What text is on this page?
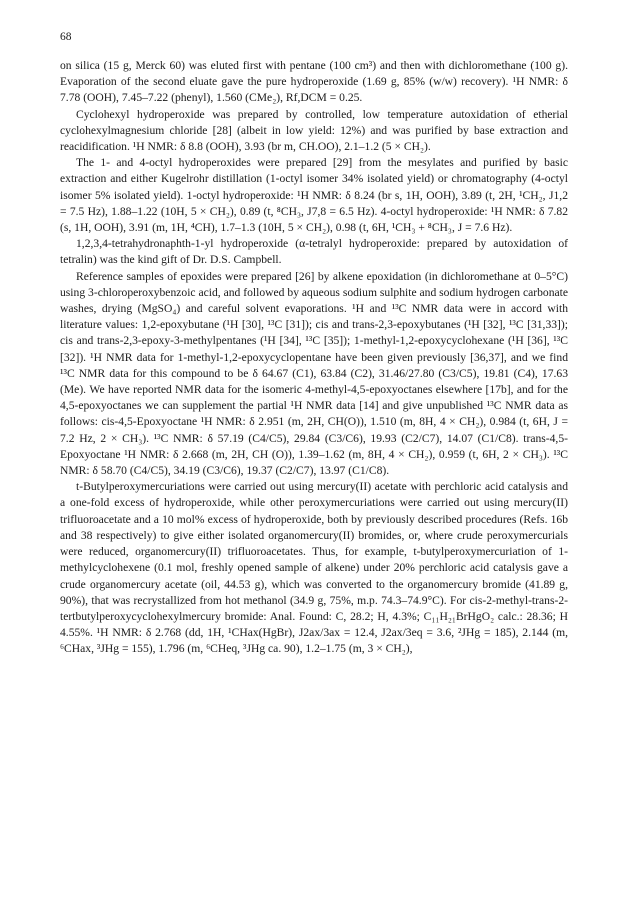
68

on silica (15 g, Merck 60) was eluted first with pentane (100 cm³) and then with dichloromethane (100 g). Evaporation of the second eluate gave the pure hydroperoxide (1.69 g, 85% (w/w) recovery). ¹H NMR: δ 7.78 (OOH), 7.45–7.22 (phenyl), 1.560 (CMe₂), Rf,DCM = 0.25.

Cyclohexyl hydroperoxide was prepared by controlled, low temperature autoxidation of etherial cyclohexylmagnesium chloride [28] (albeit in low yield: 12%) and was purified by base extraction and reacidification. ¹H NMR: δ 8.8 (OOH), 3.93 (br m, CH.OO), 2.1–1.2 (5 × CH₂).

The 1- and 4-octyl hydroperoxides were prepared [29] from the mesylates and purified by basic extraction and either Kugelrohr distillation (1-octyl isomer 34% isolated yield) or chromatography (4-octyl isomer 5% isolated yield). 1-octyl hydroperoxide: ¹H NMR: δ 8.24 (br s, 1H, OOH), 3.89 (t, 2H, ¹CH₂, J1,2 = 7.5 Hz), 1.88–1.22 (10H, 5 × CH₂), 0.89 (t, ⁸CH₃, J7,8 = 6.5 Hz). 4-octyl hydroperoxide: ¹H NMR: δ 7.82 (s, 1H, OOH), 3.91 (m, 1H, ⁴CH), 1.7–1.3 (10H, 5 × CH₂), 0.98 (t, 6H, ¹CH₃ + ⁸CH₃, J = 7.6 Hz).

1,2,3,4-tetrahydronaphth-1-yl hydroperoxide (α-tetralyl hydroperoxide: prepared by autoxidation of tetralin) was the kind gift of Dr. D.S. Campbell.

Reference samples of epoxides were prepared [26] by alkene epoxidation (in dichloromethane at 0–5°C) using 3-chloroperoxybenzoic acid, and followed by aqueous sodium sulphite and sodium hydrogen carbonate washes, drying (MgSO₄) and careful solvent evaporations. ¹H and ¹³C NMR data were in accord with literature values: 1,2-epoxybutane (¹H [30], ¹³C [31]); cis and trans-2,3-epoxybutanes (¹H [32], ¹³C [31,33]); cis and trans-2,3-epoxy-3-methylpentanes (¹H [34], ¹³C [35]); 1-methyl-1,2-epoxycyclohexane (¹H [36], ¹³C [32]). ¹H NMR data for 1-methyl-1,2-epoxycyclopentane have been given previously [36,37], and we find ¹³C NMR data for this compound to be δ 64.67 (C1), 63.84 (C2), 31.46/27.80 (C3/C5), 19.81 (C4), 17.63 (Me). We have reported NMR data for the isomeric 4-methyl-4,5-epoxyoctanes elsewhere [17b], and for the 4,5-epoxyoctanes we can supplement the partial ¹H NMR data [14] and give unpublished ¹³C NMR data as follows: cis-4,5-Epoxyoctane ¹H NMR: δ 2.951 (m, 2H, CH(O)), 1.510 (m, 8H, 4 × CH₂), 0.984 (t, 6H, J = 7.2 Hz, 2 × CH₃). ¹³C NMR: δ 57.19 (C4/C5), 29.84 (C3/C6), 19.93 (C2/C7), 14.07 (C1/C8). trans-4,5-Epoxyoctane ¹H NMR: δ 2.668 (m, 2H, CH (O)), 1.39–1.62 (m, 8H, 4 × CH₂), 0.959 (t, 6H, 2 × CH₃). ¹³C NMR: δ 58.70 (C4/C5), 34.19 (C3/C6), 19.37 (C2/C7), 13.97 (C1/C8).

t-Butylperoxymercuriations were carried out using mercury(II) acetate with perchloric acid catalysis and a one-fold excess of hydroperoxide, while other peroxymercuriations were carried out using mercury(II) trifluoroacetate and a 10 mol% excess of hydroperoxide, both by previously described procedures (Refs. 16b and 38 respectively) to give either isolated organomercury(II) bromides, or, where crude peroxymercurials were reduced, organomercury(II) trifluoroacetates. Thus, for example, t-butylperoxymercuriation of 1-methylcyclohexene (0.1 mol, freshly opened sample of alkene) under 20% perchloric acid catalysis gave a crude organomercury acetate (oil, 44.53 g), which was converted to the organomercury bromide (41.89 g, 90%), that was recrystallized from hot methanol (34.9 g, 75%, m.p. 74.3–74.9°C). For cis-2-methyl-trans-2-tertbutylperoxycyclohexylmercury bromide: Anal. Found: C, 28.2; H, 4.3%; C₁₁H₂₁BrHgO₂ calc.: 28.36; H 4.55%. ¹H NMR: δ 2.768 (dd, 1H, ¹CHax(HgBr), J2ax/3ax = 12.4, J2ax/3eq = 3.6, ²JHg = 185), 2.144 (m, ⁶CHax, ³JHg = 155), 1.796 (m, ⁶CHeq, ³JHg ca. 90), 1.2–1.75 (m, 3 × CH₂),
